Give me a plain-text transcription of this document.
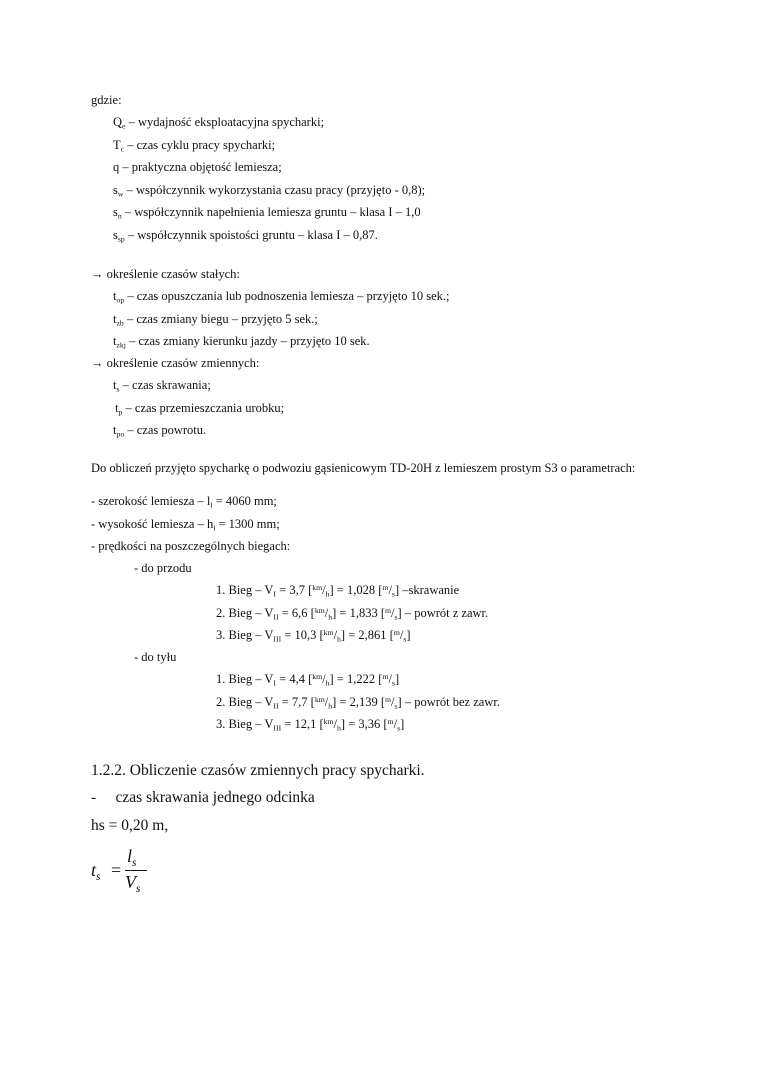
gdzie:
$Q_e$ – wydajność eksploatacyjna spycharki;
$T_c$ – czas cyklu pracy spycharki;
q – praktyczna objętość lemiesza;
$s_w$ – współczynnik wykorzystania czasu pracy (przyjęto - 0,8);
$s_n$ – współczynnik napełnienia lemiesza gruntu – klasa I – 1,0
$s_{sp}$ – współczynnik spoistości gruntu – klasa I – 0,87.
→ określenie czasów stałych:
$t_{op}$ – czas opuszczania lub podnoszenia lemiesza – przyjęto 10 sek.;
$t_{zb}$ – czas zmiany biegu – przyjęto 5 sek.;
$t_{zkj}$ – czas zmiany kierunku jazdy – przyjęto 10 sek.
→ określenie czasów zmiennych:
$t_s$ – czas skrawania;
$t_p$ – czas przemieszczania urobku;
$t_{po}$ – czas powrotu.
Do obliczeń przyjęto spycharkę o podwoziu gąsienicowym TD-20H z lemieszem prostym S3 o parametrach:
- szerokość lemiesza – $l_l = 4060$ mm;
- wysokość lemiesza – $h_l = 1300$ mm;
- prędkości na poszczególnych biegach:
- do przodu
1. Bieg – $V_I = 3,7$ $[^{km}/_h] = 1,028$ $[^m/_s]$ –skrawanie
2. Bieg – $V_{II} = 6,6$ $[^{km}/_h] = 1,833$ $[^m/_s]$ – powrót z zawr.
3. Bieg – $V_{III} = 10,3$ $[^{km}/_h] = 2,861$ $[^m/_s]$
- do tyłu
1. Bieg – $V_I = 4,4$ $[^{km}/_h] = 1,222$ $[^m/_s]$
2. Bieg – $V_{II} = 7,7$ $[^{km}/_h] = 2,139$ $[^m/_s]$ – powrót bez zawr.
3. Bieg – $V_{III} = 12,1$ $[^{km}/_h] = 3,36$ $[^m/_s]$
1.2.2. Obliczenie czasów zmiennych pracy spycharki.
-     czas skrawania jednego odcinka
hs = 0,20 m,
$t_s$ =
$l_s$
$V_s$
